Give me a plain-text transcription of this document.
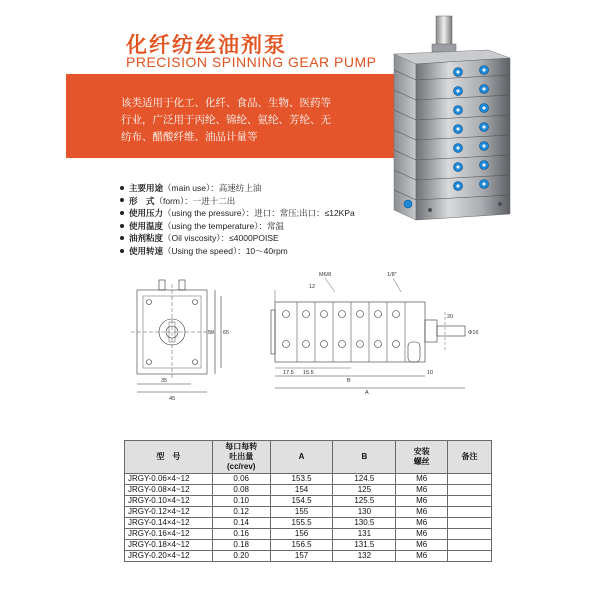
化纤纺丝油剂泵
PRECISION SPINNING GEAR PUMP
该类适用于化工、化纤、食品、生物、医药等
行业，广泛用于丙纶、锦纶、氨纶、芳纶、无
纺布、醋酸纤维、油品计量等
主要用途（main use）：高速纺上油
形　式（form）：一进十二出
使用压力（using the pressure）：进口：常压;出口：≤12KPa
使用温度（using the temperature）：常温
油剂粘度（Oil viscosity）：≤4000POISE
使用转速（Using the speed）：10～40rpm
35
45
59 65
17.5 15.5
B
A
12
20
10
Φ16
M6/8	1/8"
型　号	每口每转
吐出量
(cc/rev)	A	B	安装
螺丝	备注
JRGY-0.06×4~12	0.06	153.5	124.5	M6	
JRGY-0.08×4~12	0.08	154	125	M6	
JRGY-0.10×4~12	0.10	154.5	125.5	M6	
JRGY-0.12×4~12	0.12	155	130	M6	
JRGY-0.14×4~12	0.14	155.5	130.5	M6	
JRGY-0.16×4~12	0.16	156	131	M6	
JRGY-0.18×4~12	0.18	156.5	131.5	M6	
JRGY-0.20×4~12	0.20	157	132	M6	
